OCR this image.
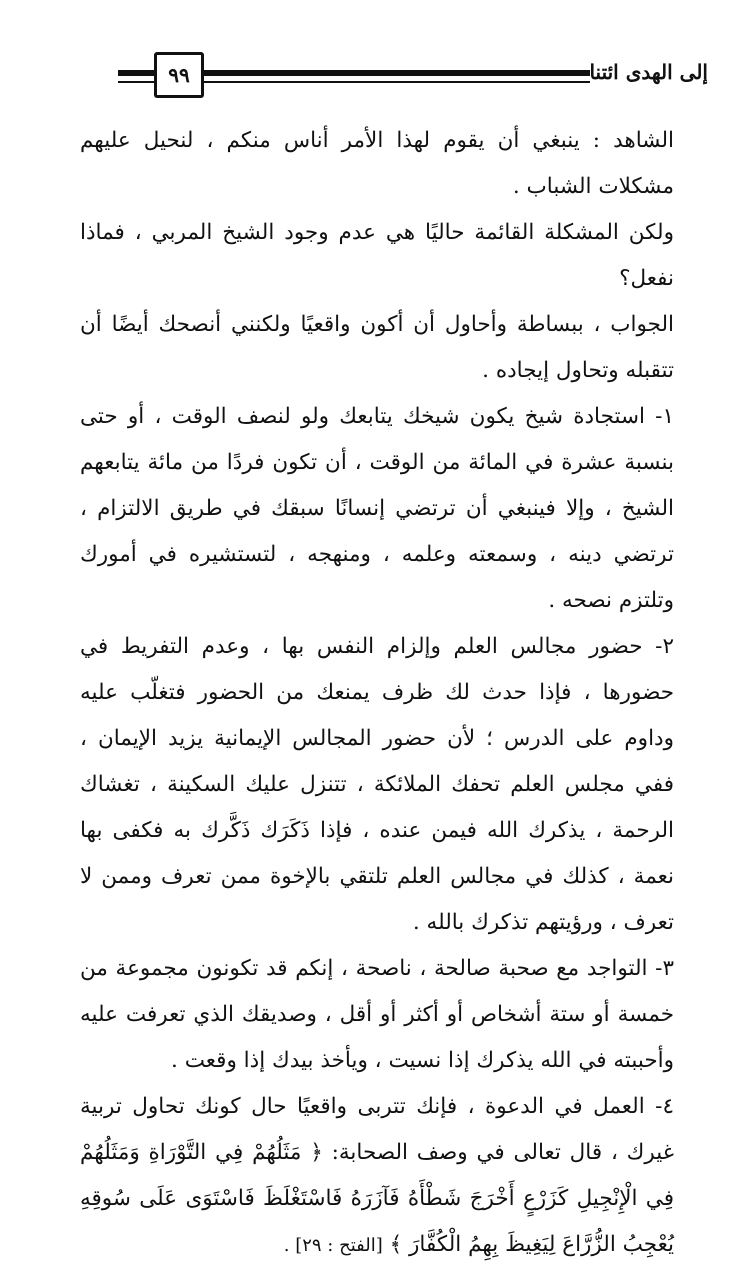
٩٩	إلى الهدى ائتنا

الشاهد : ينبغي أن يقوم لهذا الأمر أناس منكم ، لنحيل عليهم مشكلات الشباب .

ولكن المشكلة القائمة حاليًا هي عدم وجود الشيخ المربي ، فماذا نفعل؟

الجواب ، ببساطة وأحاول أن أكون واقعيًا ولكنني أنصحك أيضًا أن تتقبله وتحاول إيجاده .

١- استجادة شيخ يكون شيخك يتابعك ولو لنصف الوقت ، أو حتى بنسبة عشرة في المائة من الوقت ، أن تكون فردًا من مائة يتابعهم الشيخ ، وإلا فينبغي أن ترتضي إنسانًا سبقك في طريق الالتزام ، ترتضي دينه ، وسمعته وعلمه ، ومنهجه ، لتستشيره في أمورك وتلتزم نصحه .

٢- حضور مجالس العلم وإلزام النفس بها ، وعدم التفريط في حضورها ، فإذا حدث لك ظرف يمنعك من الحضور فتغلّب عليه وداوم على الدرس ؛ لأن حضور المجالس الإيمانية يزيد الإيمان ، ففي مجلس العلم تحفك الملائكة ، تتنزل عليك السكينة ، تغشاك الرحمة ، يذكرك الله فيمن عنده ، فإذا ذَكَرَك ذَكَّرك به فكفى بها نعمة ، كذلك في مجالس العلم تلتقي بالإخوة ممن تعرف وممن لا تعرف ، ورؤيتهم تذكرك بالله .

٣- التواجد مع صحبة صالحة ، ناصحة ، إنكم قد تكونون مجموعة من خمسة أو ستة أشخاص أو أكثر أو أقل ، وصديقك الذي تعرفت عليه وأحببته في الله يذكرك إذا نسيت ، ويأخذ بيدك إذا وقعت .

٤- العمل في الدعوة ، فإنك تتربى واقعيًا حال كونك تحاول تربية غيرك ، قال تعالى في وصف الصحابة: ﴿ مَثَلُهُمْ فِي التَّوْرَاةِ وَمَثَلُهُمْ فِي الْإِنْجِيلِ كَزَرْعٍ أَخْرَجَ شَطْأَهُ فَآزَرَهُ فَاسْتَغْلَظَ فَاسْتَوَى عَلَى سُوقِهِ يُعْجِبُ الزُّرَّاعَ لِيَغِيظَ بِهِمُ الْكُفَّارَ ﴾ [الفتح : ٢٩] .
